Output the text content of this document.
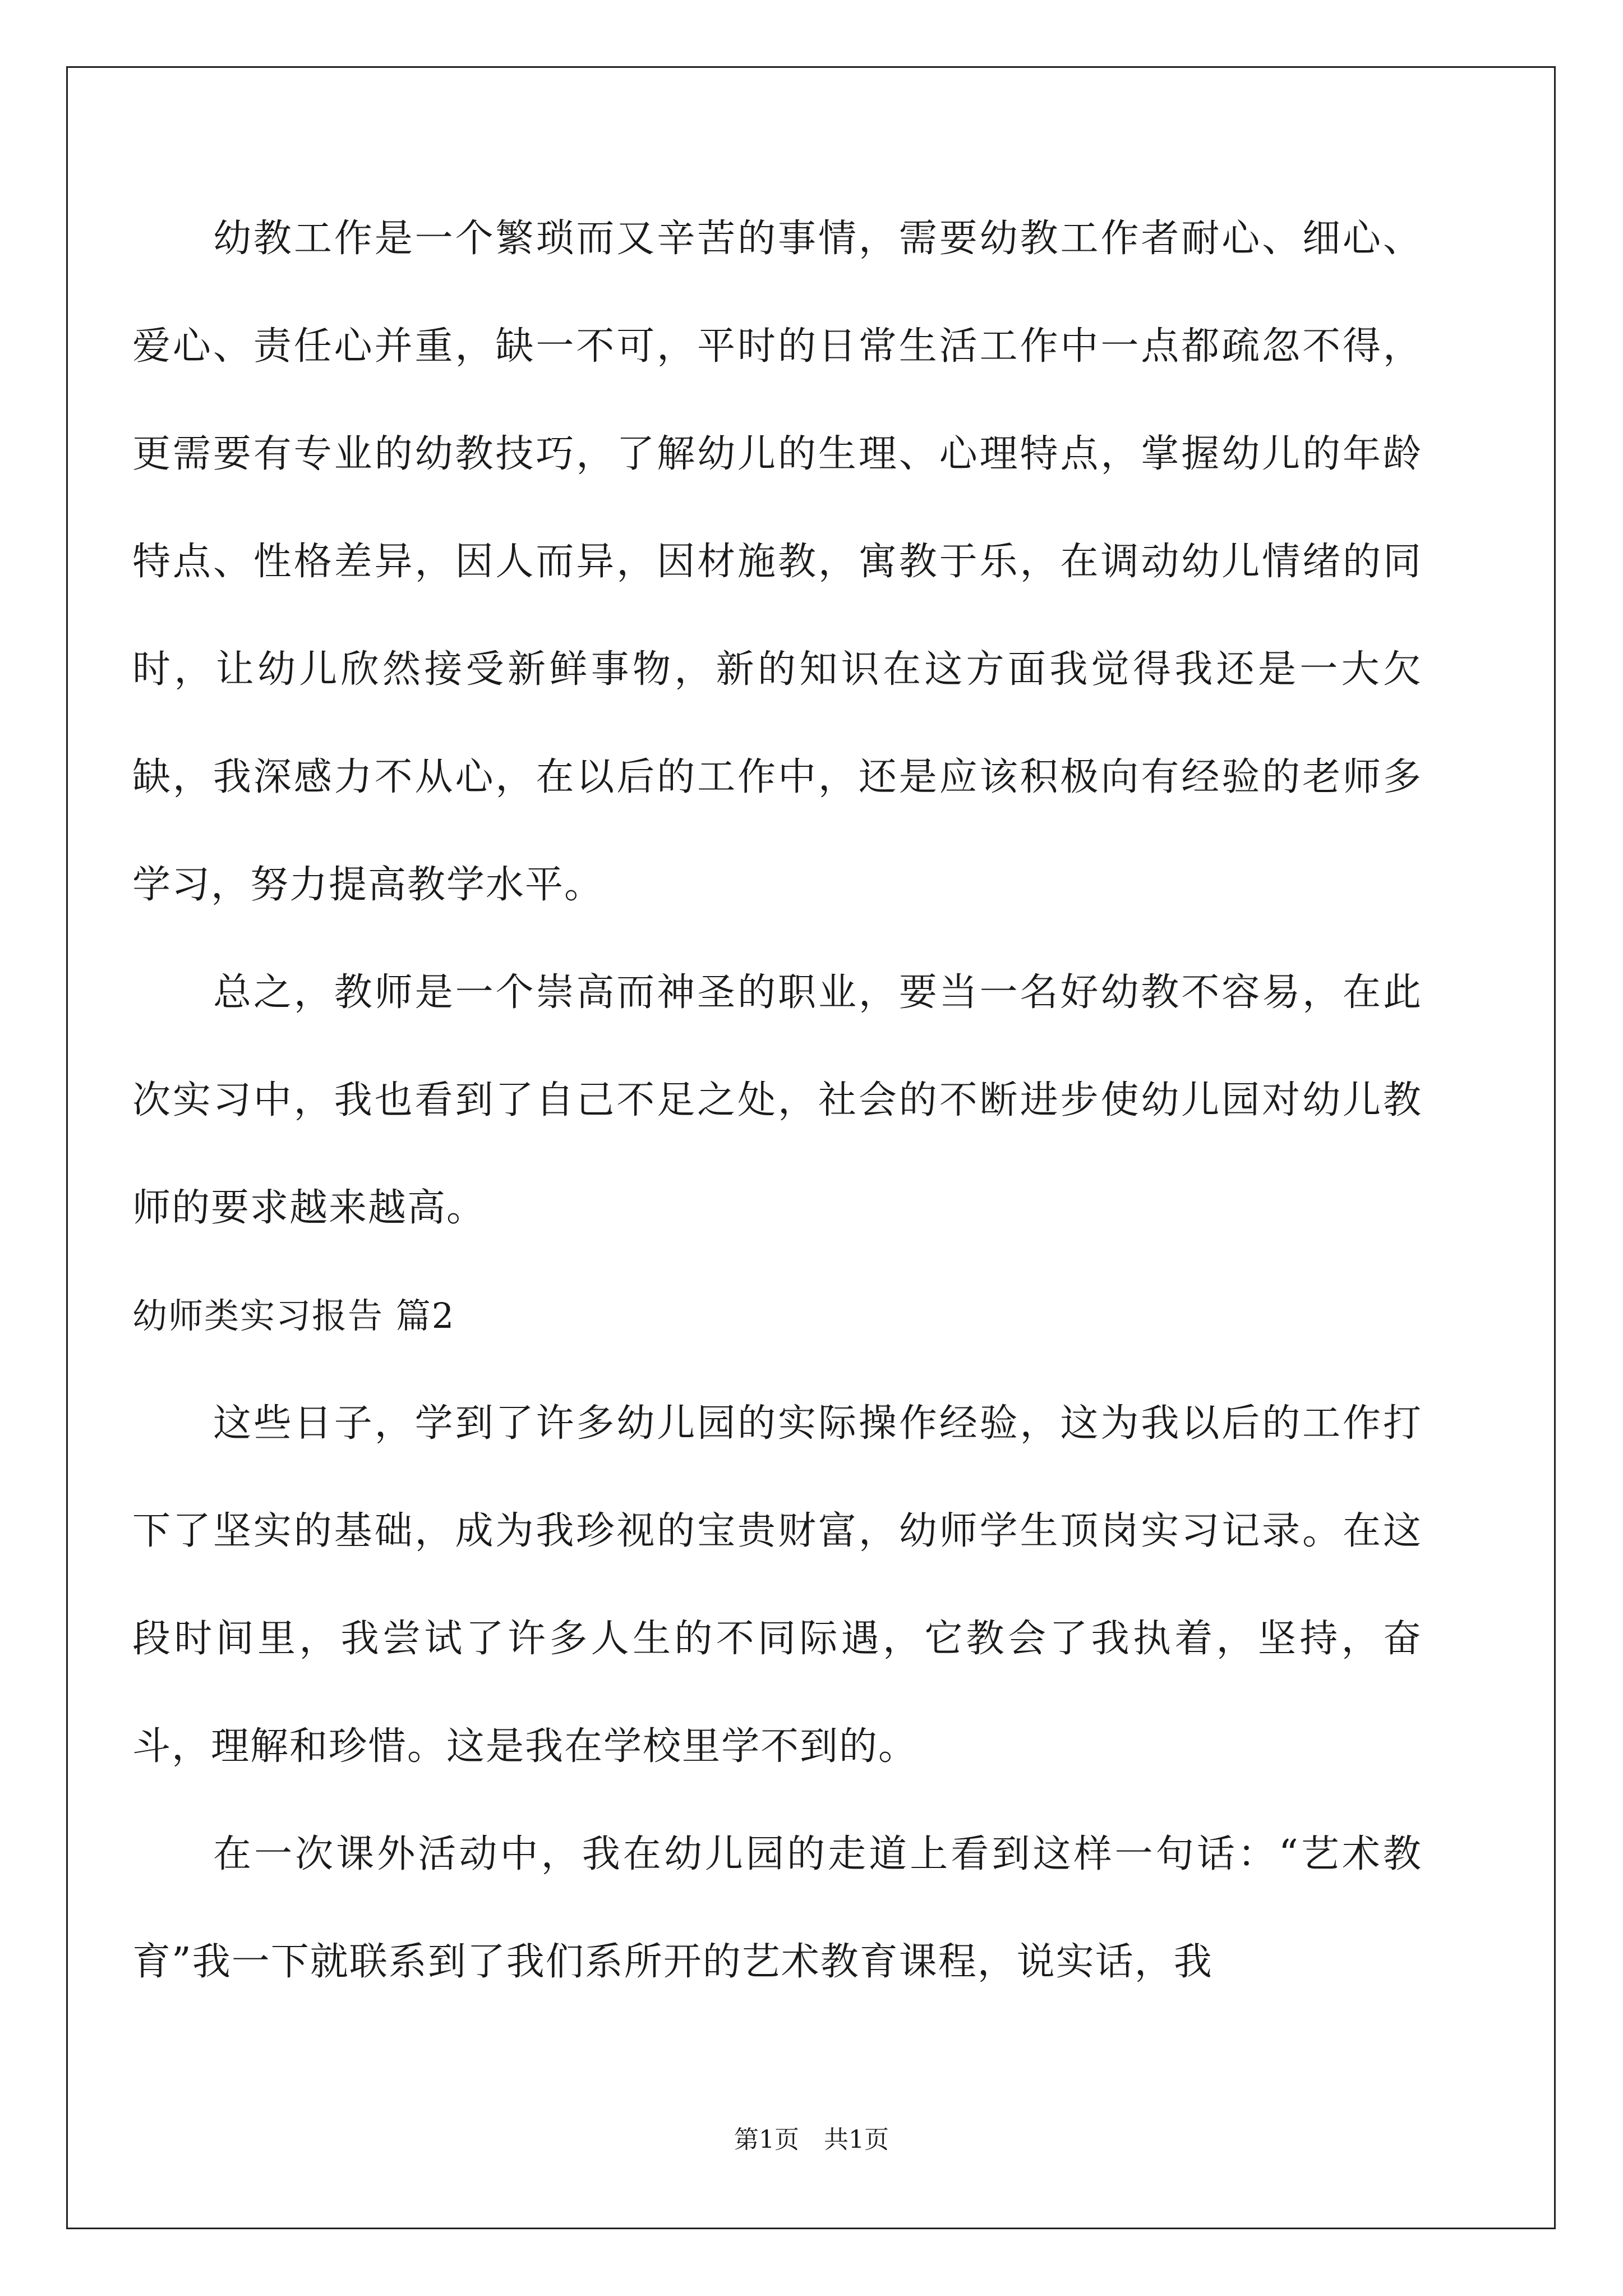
幼教工作是一个繁琐而又辛苦的事情，需要幼教工作者耐心、细心、爱心、责任心并重，缺一不可，平时的日常生活工作中一点都疏忽不得，更需要有专业的幼教技巧，了解幼儿的生理、心理特点，掌握幼儿的年龄特点、性格差异，因人而异，因材施教，寓教于乐，在调动幼儿情绪的同时，让幼儿欣然接受新鲜事物，新的知识在这方面我觉得我还是一大欠缺，我深感力不从心，在以后的工作中，还是应该积极向有经验的老师多学习，努力提高教学水平。

总之，教师是一个崇高而神圣的职业，要当一名好幼教不容易，在此次实习中，我也看到了自己不足之处，社会的不断进步使幼儿园对幼儿教师的要求越来越高。

幼师类实习报告 篇2

这些日子，学到了许多幼儿园的实际操作经验，这为我以后的工作打下了坚实的基础，成为我珍视的宝贵财富，幼师学生顶岗实习记录。在这段时间里，我尝试了许多人生的不同际遇，它教会了我执着，坚持，奋斗，理解和珍惜。这是我在学校里学不到的。

在一次课外活动中，我在幼儿园的走道上看到这样一句话：“艺术教育”我一下就联系到了我们系所开的艺术教育课程，说实话，我

第1页　共1页
